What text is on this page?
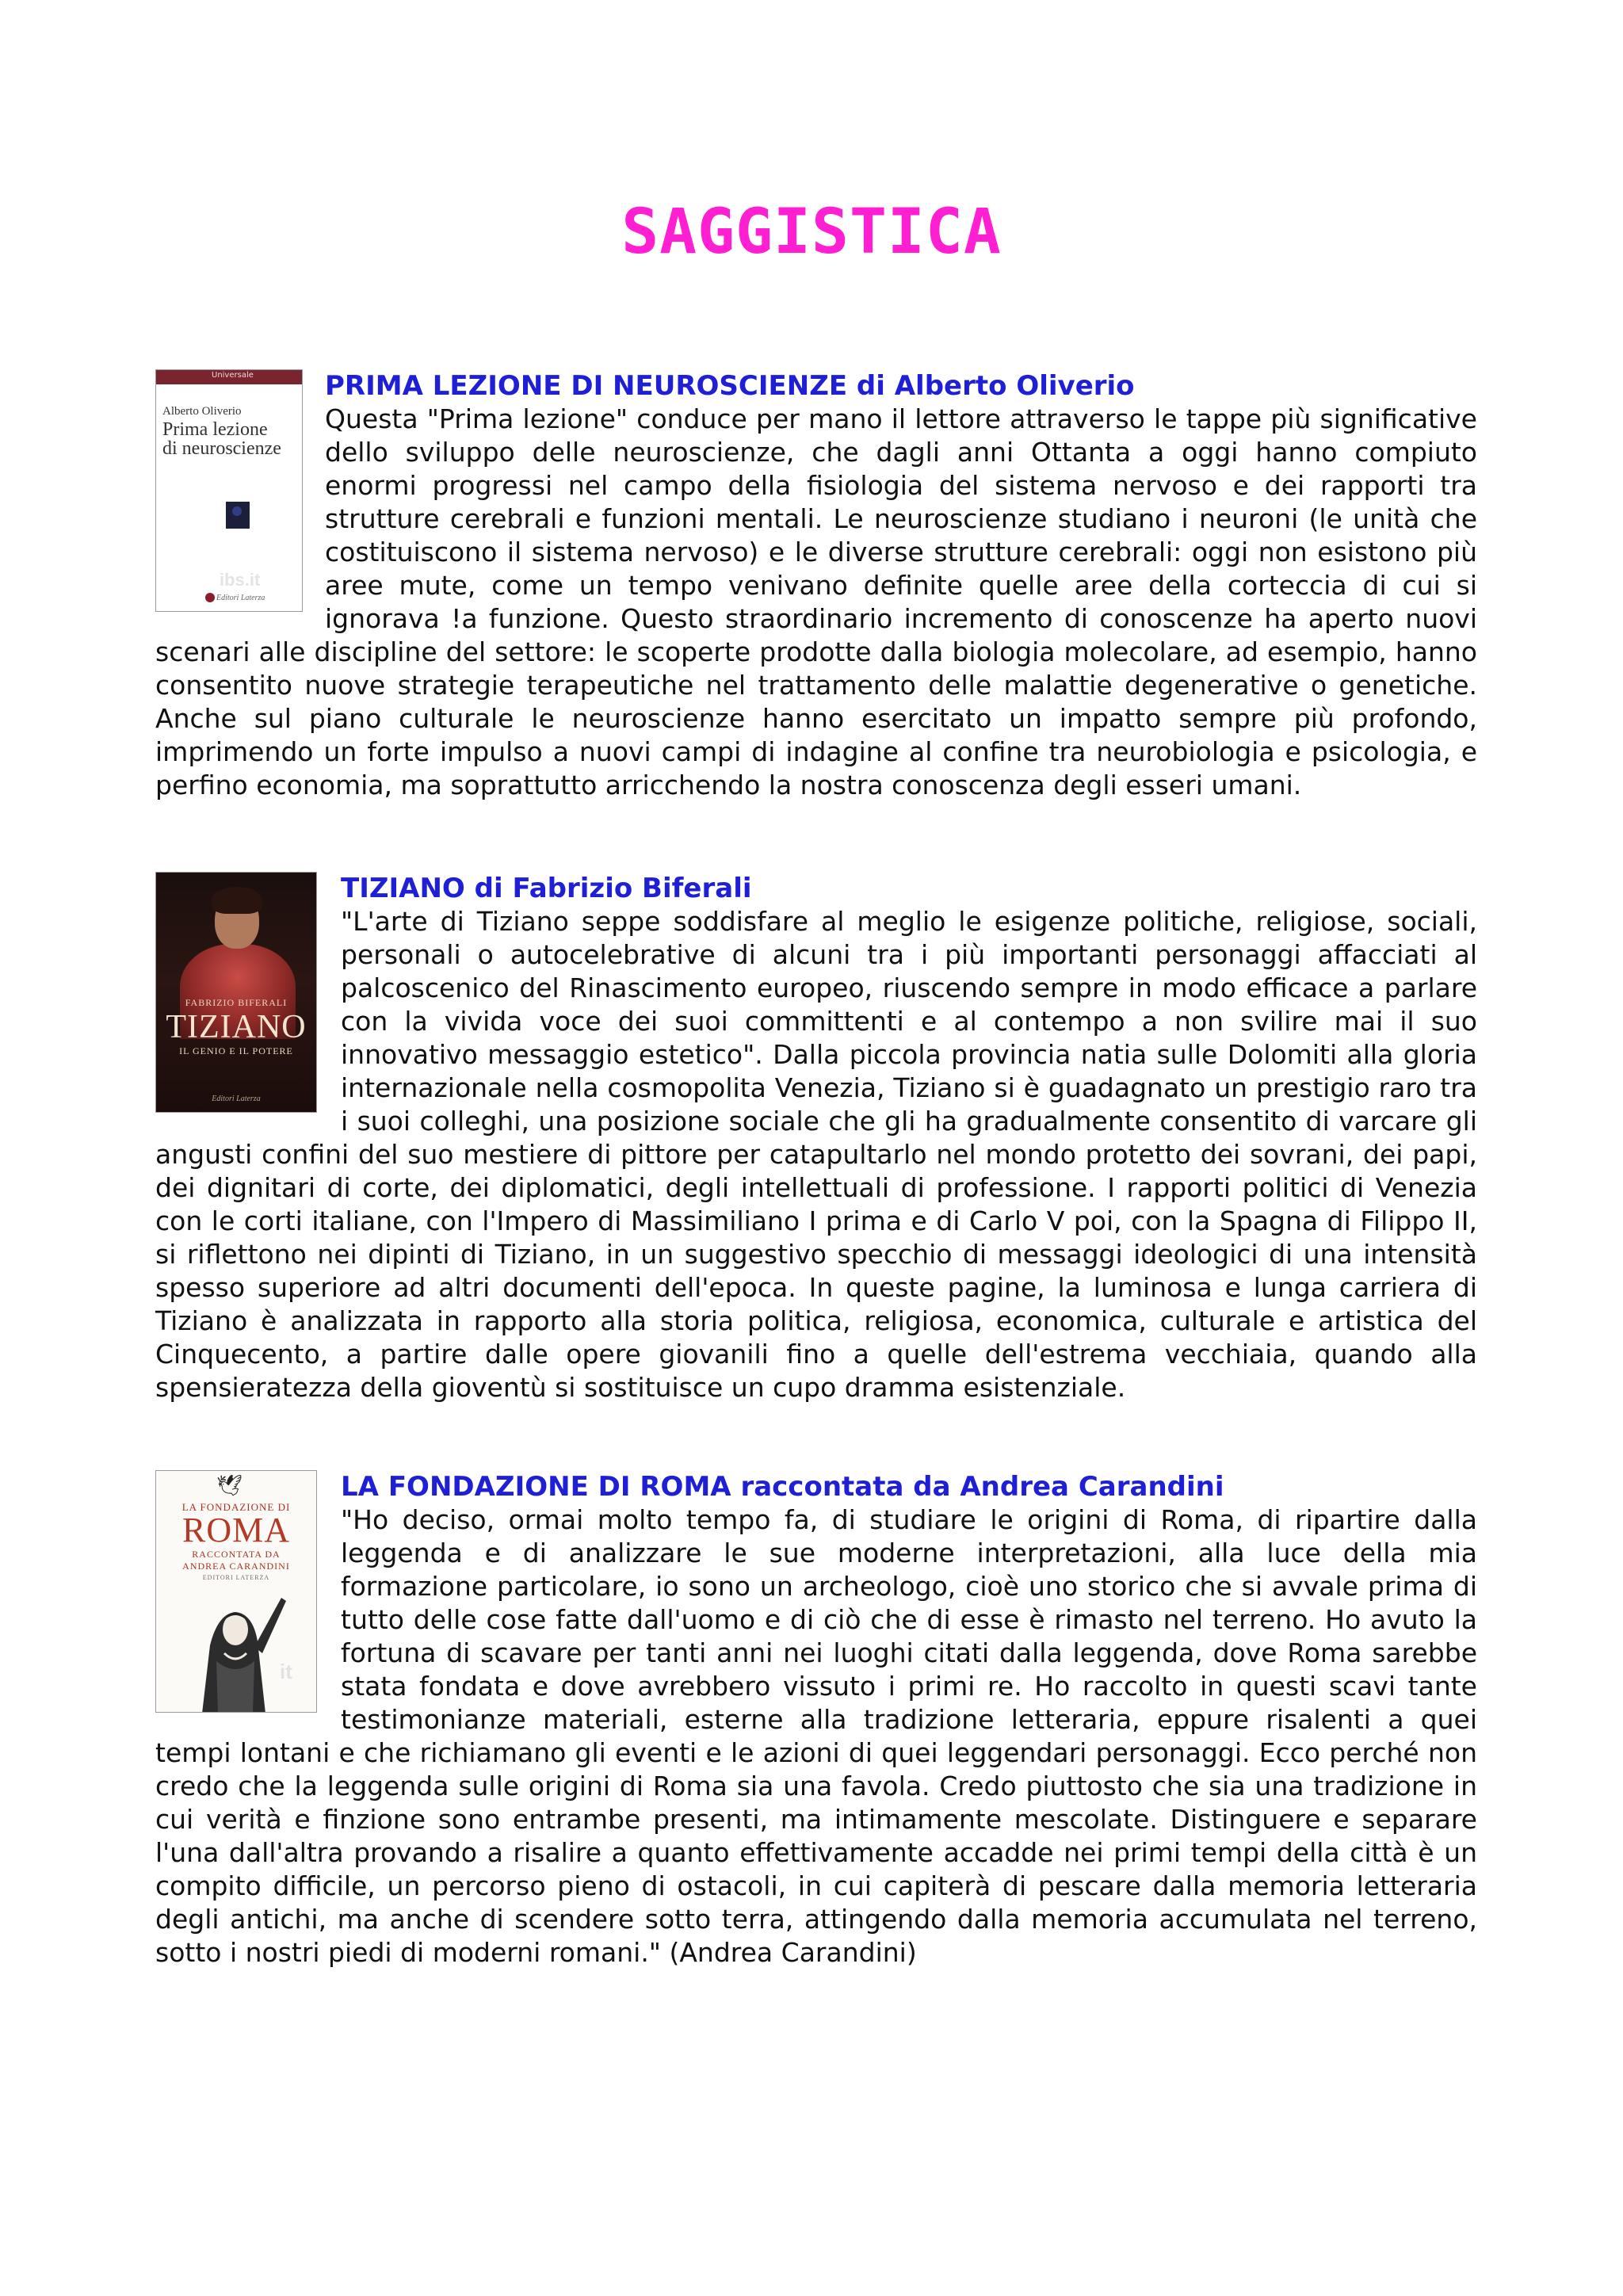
SAGGISTICA
Universale
Alberto Oliverio
Prima lezione
di neuroscienze
ibs.it
Editori Laterza
PRIMA LEZIONE DI NEUROSCIENZE di Alberto Oliverio

Questa "Prima lezione" conduce per mano il lettore attraverso le tappe più significative dello sviluppo delle neuroscienze, che dagli anni Ottanta a oggi hanno compiuto enormi progressi nel campo della fisiologia del sistema nervoso e dei rapporti tra strutture cerebrali e funzioni mentali. Le neuroscienze studiano i neuroni (le unità che costituiscono il sistema nervoso) e le diverse strutture cerebrali: oggi non esistono più aree mute, come un tempo venivano definite quelle aree della corteccia di cui si ignorava !a funzione. Questo straordinario incremento di conoscenze ha aperto nuovi scenari alle discipline del settore: le scoperte prodotte dalla biologia molecolare, ad esempio, hanno consentito nuove strategie terapeutiche nel trattamento delle malattie degenerative o genetiche. Anche sul piano culturale le neuroscienze hanno esercitato un impatto sempre più profondo, imprimendo un forte impulso a nuovi campi di indagine al confine tra neurobiologia e psicologia, e perfino economia, ma soprattutto arricchendo la nostra conoscenza degli esseri umani.

FABRIZIO BIFERALI
TIZIANO
IL GENIO E IL POTERE
Editori Laterza
TIZIANO di Fabrizio Biferali

"L'arte di Tiziano seppe soddisfare al meglio le esigenze politiche, religiose, sociali, personali o autocelebrative di alcuni tra i più importanti personaggi affacciati al palcoscenico del Rinascimento europeo, riuscendo sempre in modo efficace a parlare con la vivida voce dei suoi committenti e al contempo a non svilire mai il suo innovativo messaggio estetico". Dalla piccola provincia natia sulle Dolomiti alla gloria internazionale nella cosmopolita Venezia, Tiziano si è guadagnato un prestigio raro tra i suoi colleghi, una posizione sociale che gli ha gradualmente consentito di varcare gli angusti confini del suo mestiere di pittore per catapultarlo nel mondo protetto dei sovrani, dei papi, dei dignitari di corte, dei diplomatici, degli intellettuali di professione. I rapporti politici di Venezia con le corti italiane, con l'Impero di Massimiliano I prima e di Carlo V poi, con la Spagna di Filippo II, si riflettono nei dipinti di Tiziano, in un suggestivo specchio di messaggi ideologici di una intensità spesso superiore ad altri documenti dell'epoca. In queste pagine, la luminosa e lunga carriera di Tiziano è analizzata in rapporto alla storia politica, religiosa, economica, culturale e artistica del Cinquecento, a partire dalle opere giovanili fino a quelle dell'estrema vecchiaia, quando alla spensieratezza della gioventù si sostituisce un cupo dramma esistenziale.

🕊
LA FONDAZIONE DI
ROMA
RACCONTATA DA
ANDREA CARANDINI
EDITORI LATERZA
it
LA FONDAZIONE DI ROMA raccontata da Andrea Carandini

"Ho deciso, ormai molto tempo fa, di studiare le origini di Roma, di ripartire dalla leggenda e di analizzare le sue moderne interpretazioni, alla luce della mia formazione particolare, io sono un archeologo, cioè uno storico che si avvale prima di tutto delle cose fatte dall'uomo e di ciò che di esse è rimasto nel terreno. Ho avuto la fortuna di scavare per tanti anni nei luoghi citati dalla leggenda, dove Roma sarebbe stata fondata e dove avrebbero vissuto i primi re. Ho raccolto in questi scavi tante testimonianze materiali, esterne alla tradizione letteraria, eppure risalenti a quei tempi lontani e che richiamano gli eventi e le azioni di quei leggendari personaggi. Ecco perché non credo che la leggenda sulle origini di Roma sia una favola. Credo piuttosto che sia una tradizione in cui verità e finzione sono entrambe presenti, ma intimamente mescolate. Distinguere e separare l'una dall'altra provando a risalire a quanto effettivamente accadde nei primi tempi della città è un compito difficile, un percorso pieno di ostacoli, in cui capiterà di pescare dalla memoria letteraria degli antichi, ma anche di scendere sotto terra, attingendo dalla memoria accumulata nel terreno, sotto i nostri piedi di moderni romani." (Andrea Carandini)
